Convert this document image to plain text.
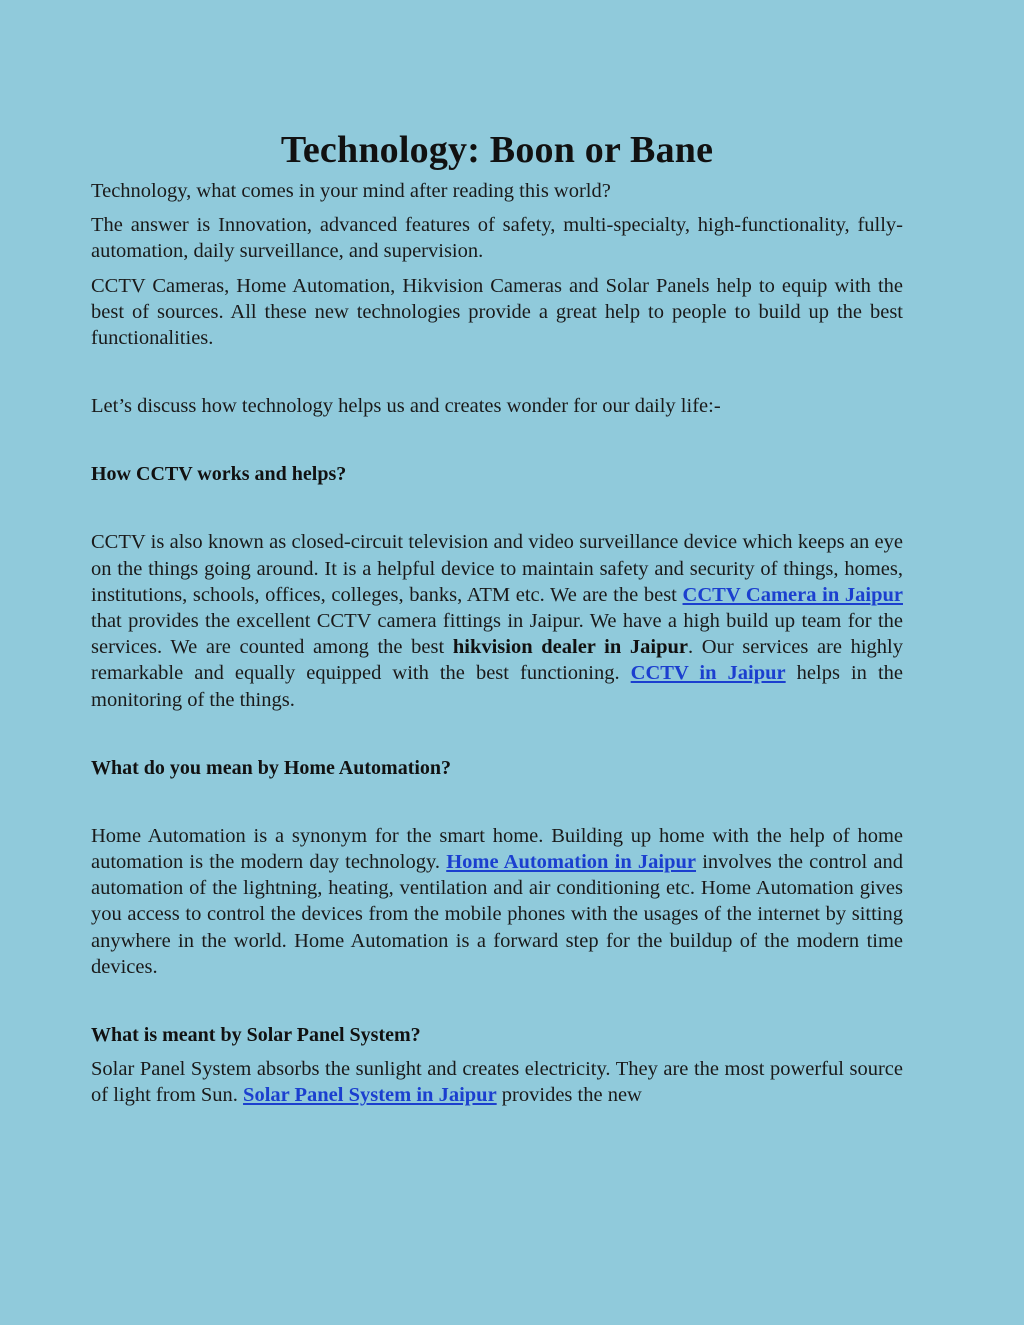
Technology: Boon or Bane

Technology, what comes in your mind after reading this world?

The answer is Innovation, advanced features of safety, multi-specialty, high-functionality, fully-automation, daily surveillance, and supervision.

CCTV Cameras, Home Automation, Hikvision Cameras and Solar Panels help to equip with the best of sources. All these new technologies provide a great help to people to build up the best functionalities.

Let’s discuss how technology helps us and creates wonder for our daily life:-

How CCTV works and helps?

CCTV is also known as closed-circuit television and video surveillance device which keeps an eye on the things going around. It is a helpful device to maintain safety and security of things, homes, institutions, schools, offices, colleges, banks, ATM etc. We are the best CCTV Camera in Jaipur that provides the excellent CCTV camera fittings in Jaipur. We have a high build up team for the services. We are counted among the best hikvision dealer in Jaipur. Our services are highly remarkable and equally equipped with the best functioning. CCTV in Jaipur helps in the monitoring of the things.

What do you mean by Home Automation?

Home Automation is a synonym for the smart home. Building up home with the help of home automation is the modern day technology. Home Automation in Jaipur involves the control and automation of the lightning, heating, ventilation and air conditioning etc. Home Automation gives you access to control the devices from the mobile phones with the usages of the internet by sitting anywhere in the world. Home Automation is a forward step for the buildup of the modern time devices.

What is meant by Solar Panel System?

Solar Panel System absorbs the sunlight and creates electricity. They are the most powerful source of light from Sun. Solar Panel System in Jaipur provides the new
